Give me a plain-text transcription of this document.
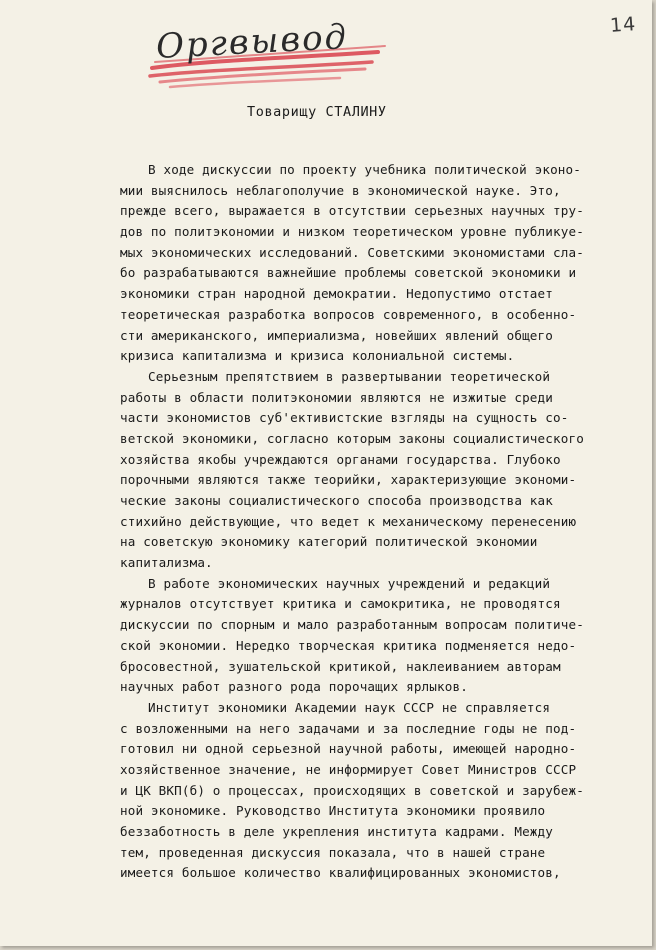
14
Оргвывод
Товарищу СТАЛИНУ
В ходе дискуссии по проекту учебника политической эконо-
мии выяснилось неблагополучие в экономической науке. Это,
прежде всего, выражается в отсутствии серьезных научных тру-
дов по политэкономии и низком теоретическом уровне публикуе-
мых экономических исследований. Советскими экономистами сла-
бо разрабатываются важнейшие проблемы советской экономики и
экономики стран народной демократии. Недопустимо отстает
теоретическая разработка вопросов современного, в особенно-
сти американского, империализма, новейших явлений общего
кризиса капитализма и кризиса колониальной системы.
Серьезным препятствием в развертывании теоретической
работы в области политэкономии являются не изжитые среди
части экономистов суб'ективистские взгляды на сущность со-
ветской экономики, согласно которым законы социалистического
хозяйства якобы учреждаются органами государства. Глубоко
порочными являются также теорийки, характеризующие экономи-
ческие законы социалистического способа производства как
стихийно действующие, что ведет к механическому перенесению
на советскую экономику категорий политической экономии
капитализма.
В работе экономических научных учреждений и редакций
журналов отсутствует критика и самокритика, не проводятся
дискуссии по спорным и мало разработанным вопросам политиче-
ской экономии. Нередко творческая критика подменяется недо-
бросовестной, зушательской критикой, наклеиванием авторам
научных работ разного рода порочащих ярлыков.
Институт экономики Академии наук СССР не справляется
с возложенными на него задачами и за последние годы не под-
готовил ни одной серьезной научной работы, имеющей народно-
хозяйственное значение, не информирует Совет Министров СССР
и ЦК ВКП(б) о процессах, происходящих в советской и зарубеж-
ной экономике. Руководство Института экономики проявило
беззаботность в деле укрепления института кадрами. Между
тем, проведенная дискуссия показала, что в нашей стране
имеется большое количество квалифицированных экономистов,
